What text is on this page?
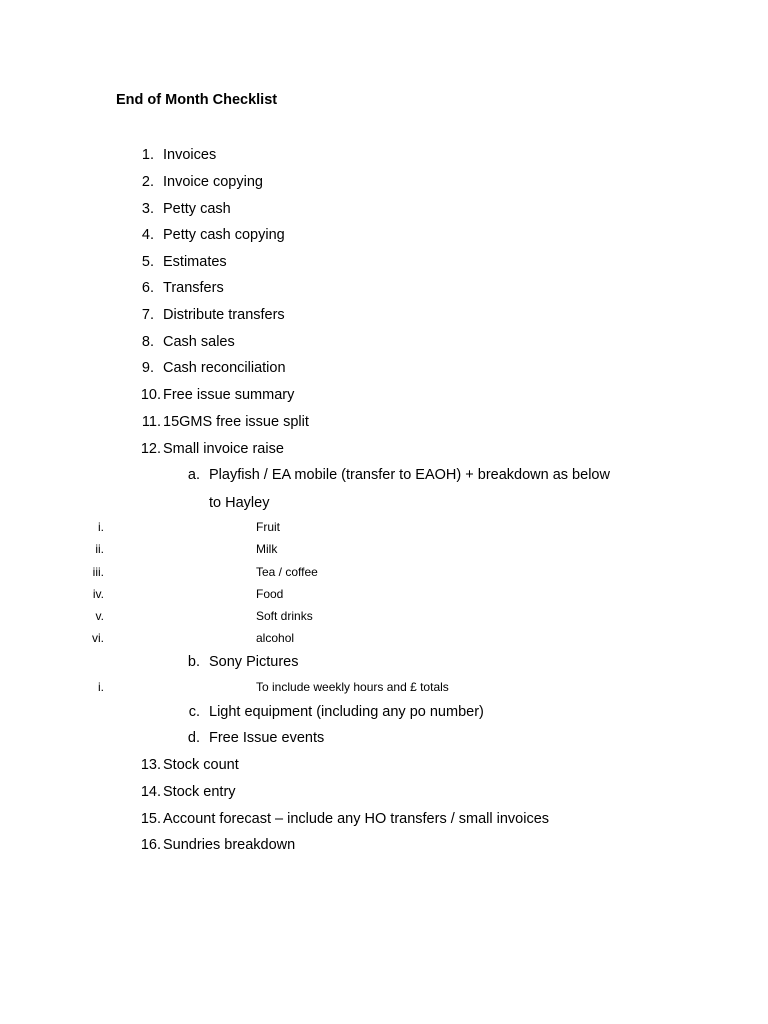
End of Month Checklist
1. Invoices
2. Invoice copying
3. Petty cash
4. Petty cash copying
5. Estimates
6. Transfers
7. Distribute transfers
8. Cash sales
9. Cash reconciliation
10. Free issue summary
11. 15GMS free issue split
12. Small invoice raise
a. Playfish / EA mobile (transfer to EAOH) + breakdown as below
to Hayley
i.	Fruit
ii.	Milk
iii.	Tea / coffee
iv.	Food
v.	Soft drinks
vi.	alcohol
b. Sony Pictures
i.	To include weekly hours and £ totals
c. Light equipment (including any po number)
d. Free Issue events
13. Stock count
14. Stock entry
15. Account forecast – include any HO transfers / small invoices
16. Sundries breakdown
